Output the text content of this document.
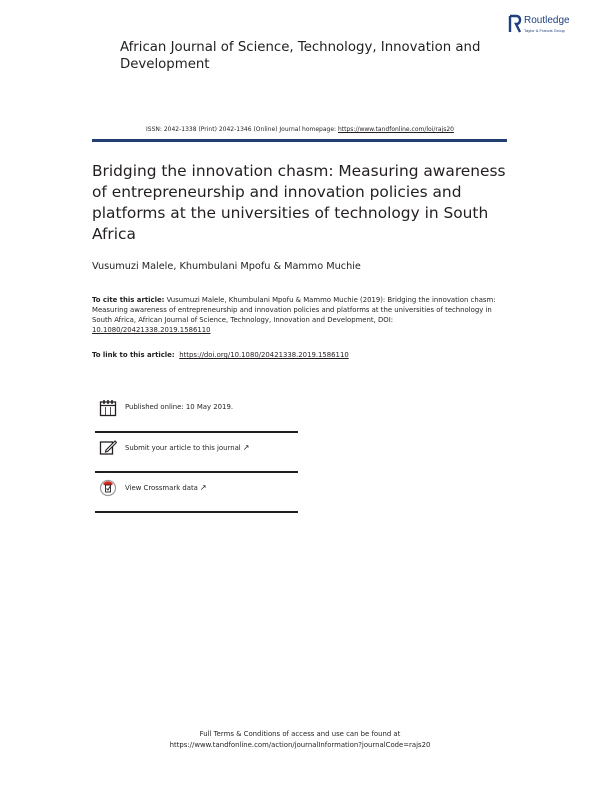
Routledge
Taylor & Francis Group
African Journal of Science, Technology, Innovation and Development
ISSN: 2042-1338 (Print) 2042-1346 (Online) Journal homepage: https://www.tandfonline.com/loi/rajs20
Bridging the innovation chasm: Measuring awareness of entrepreneurship and innovation policies and platforms at the universities of technology in South Africa
Vusumuzi Malele, Khumbulani Mpofu & Mammo Muchie
To cite this article: Vusumuzi Malele, Khumbulani Mpofu & Mammo Muchie (2019): Bridging the innovation chasm: Measuring awareness of entrepreneurship and innovation policies and platforms at the universities of technology in South Africa, African Journal of Science, Technology, Innovation and Development, DOI: 10.1080/20421338.2019.1586110
To link to this article:  https://doi.org/10.1080/20421338.2019.1586110
Published online: 10 May 2019.
Submit your article to this journal ↗
View Crossmark data ↗
Full Terms & Conditions of access and use can be found at
https://www.tandfonline.com/action/journalInformation?journalCode=rajs20
